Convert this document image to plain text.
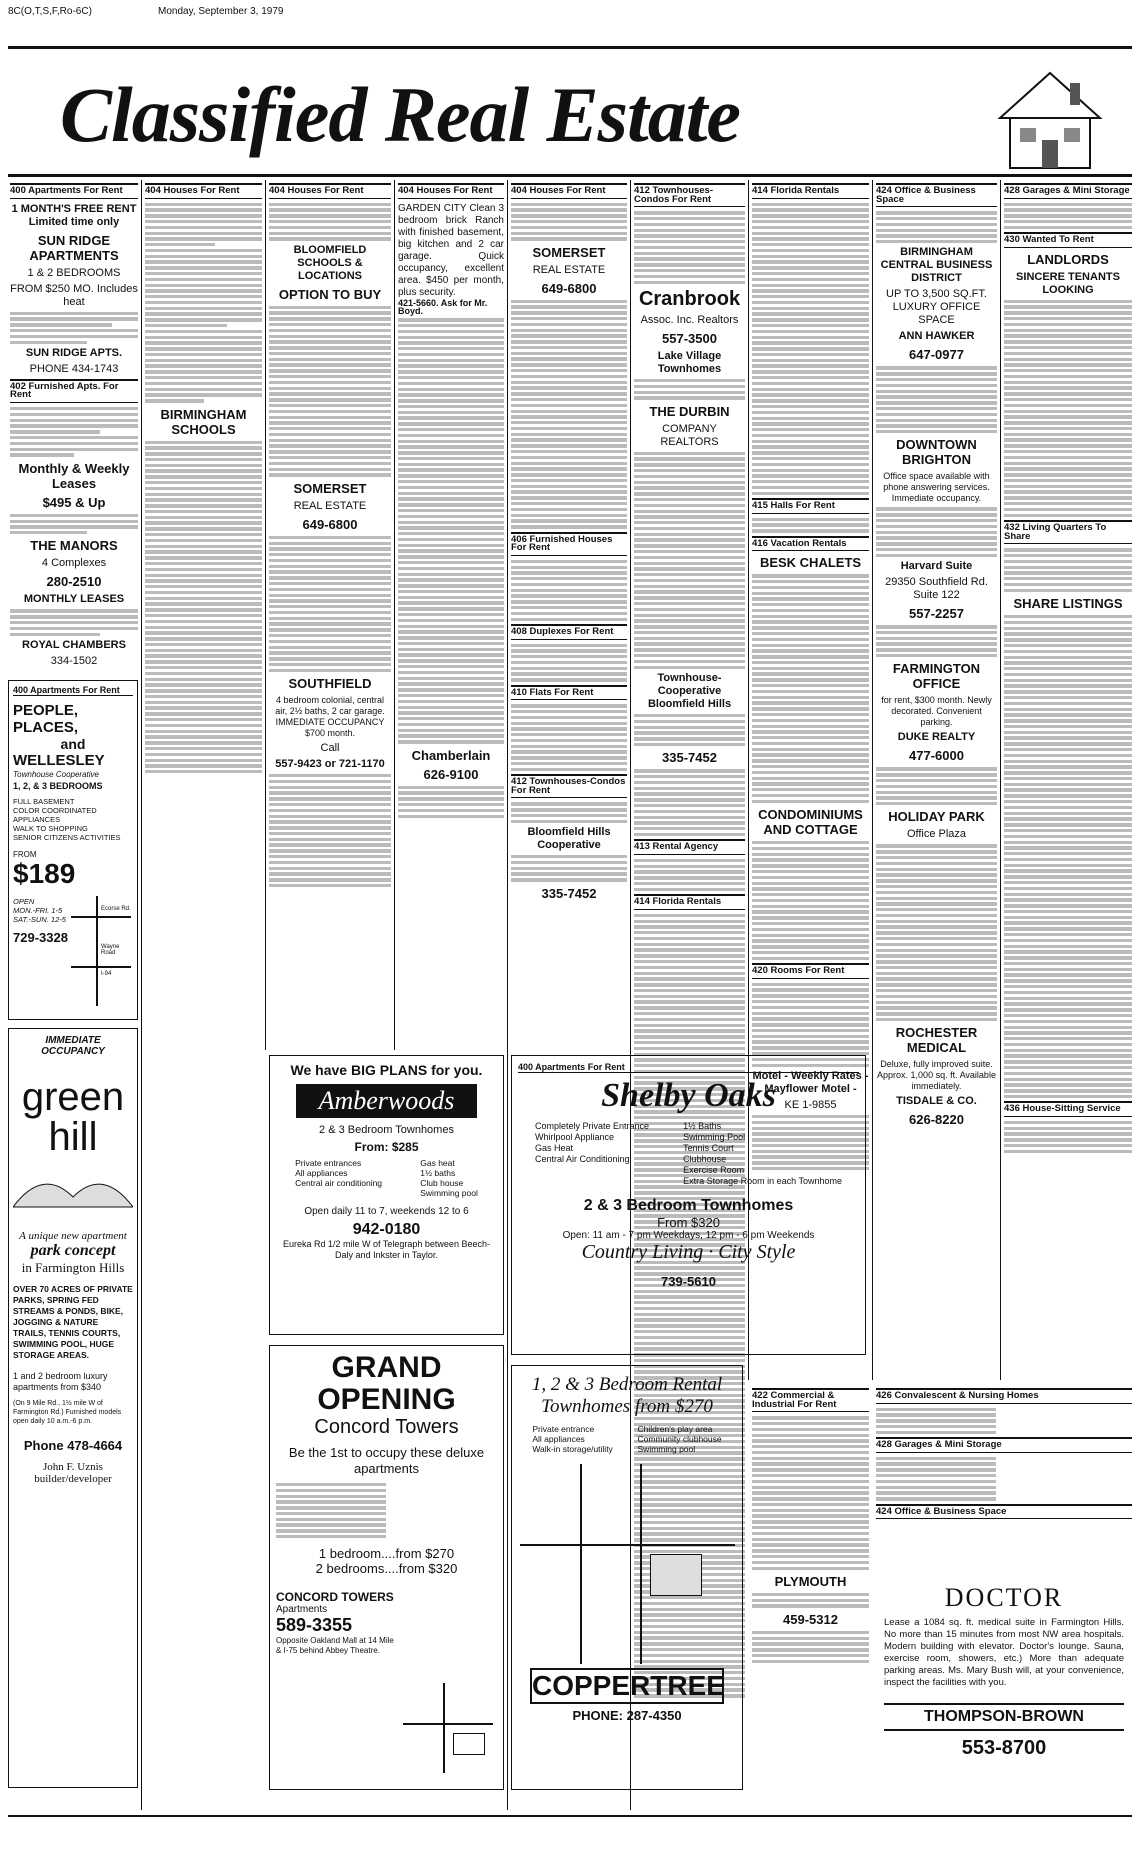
8C(O,T,S,F,Ro-6C)	Monday, September 3, 1979
Classified Real Estate
400 Apartments For Rent
1 MONTH'S FREE RENT Limited time only
SUN RIDGE APARTMENTS
1 & 2 BEDROOMS
FROM $250 MO. Includes heat
SUN RIDGE APTS.
PHONE 434-1743
402 Furnished Apts. For Rent
Monthly & Weekly Leases
$495 & Up
THE MANORS
4 Complexes
280-2510
MONTHLY LEASES
ROYAL CHAMBERS
334-1502
400 Apartments For Rent
PEOPLE, PLACES,
and
WELLESLEY
Townhouse Cooperative
1, 2, & 3 BEDROOMS
FULL BASEMENT
COLOR COORDINATED APPLIANCES
WALK TO SHOPPING
SENIOR CITIZENS ACTIVITIES
FROM
$189
OPEN
MON.-FRI. 1-5
SAT.-SUN. 12-5
729-3328
Ecorse Rd.
Wayne Road
I-94
IMMEDIATE OCCUPANCY
green
hill
A unique new apartment
park concept
in Farmington Hills
OVER 70 ACRES OF PRIVATE PARKS, SPRING FED STREAMS & PONDS, BIKE, JOGGING & NATURE TRAILS, TENNIS COURTS, SWIMMING POOL, HUGE STORAGE AREAS.
1 and 2 bedroom luxury apartments from $340
(On 9 Mile Rd., 1½ mile W of Farmington Rd.) Furnished models open daily 10 a.m.-6 p.m.
Phone 478-4664
John F. Uznis
builder/developer
404 Houses For Rent
BIRMINGHAM SCHOOLS
404 Houses For Rent
BLOOMFIELD SCHOOLS & LOCATIONS
OPTION TO BUY
SOMERSET
REAL ESTATE
649-6800
SOUTHFIELD
4 bedroom colonial, central air, 2½ baths, 2 car garage. IMMEDIATE OCCUPANCY $700 month.
Call
557-9423 or 721-1170
404 Houses For Rent
GARDEN CITY Clean 3 bedroom brick Ranch with finished basement, big kitchen and 2 car garage. Quick occupancy, excellent area. $450 per month, plus security.
421-5660. Ask for Mr. Boyd.
Chamberlain
626-9100
404 Houses For Rent
SOMERSET
REAL ESTATE
649-6800
406 Furnished Houses For Rent
408 Duplexes For Rent
410 Flats For Rent
412 Townhouses-Condos For Rent
Bloomfield Hills Cooperative
335-7452
412 Townhouses-Condos For Rent
Cranbrook
Assoc. Inc. Realtors
557-3500
Lake Village Townhomes
THE DURBIN
COMPANY REALTORS
Townhouse-Cooperative Bloomfield Hills
335-7452
413 Rental Agency
414 Florida Rentals
414 Florida Rentals
415 Halls For Rent
416 Vacation Rentals
BESK CHALETS
CONDOMINIUMS AND COTTAGE
420 Rooms For Rent
Motel - Weekly Rates - Mayflower Motel -
KE 1-9855
424 Office & Business Space
BIRMINGHAM CENTRAL BUSINESS DISTRICT
UP TO 3,500 SQ.FT. LUXURY OFFICE SPACE
ANN HAWKER
647-0977
DOWNTOWN BRIGHTON
Office space available with phone answering services. Immediate occupancy.
Harvard Suite
29350 Southfield Rd. Suite 122
557-2257
FARMINGTON OFFICE
for rent, $300 month. Newly decorated. Convenient parking.
DUKE REALTY
477-6000
HOLIDAY PARK
Office Plaza
ROCHESTER MEDICAL
Deluxe, fully improved suite. Approx. 1,000 sq. ft. Available immediately.
TISDALE & CO.
626-8220
428 Garages & Mini Storage
430 Wanted To Rent
LANDLORDS
SINCERE TENANTS LOOKING
432 Living Quarters To Share
SHARE LISTINGS
436 House-Sitting Service
We have BIG PLANS for you.
Amberwoods
2 & 3 Bedroom Townhomes
From: $285
Private entrances
All appliances
Central air conditioning
Gas heat
1½ baths
Club house
Swimming pool
Open daily 11 to 7, weekends 12 to 6
942-0180
Eureka Rd 1/2 mile W of Telegraph between Beech-Daly and Inkster in Taylor.
GRAND
OPENING
Concord Towers
Be the 1st to occupy these deluxe apartments
1 bedroom....from $270
2 bedrooms....from $320
CONCORD TOWERS
Apartments
589-3355
Opposite Oakland Mall at 14 Mile & I-75 behind Abbey Theatre.
400 Apartments For Rent
Shelby Oaks
Completely Private Entrance
Whirlpool Appliance
Gas Heat
Central Air Conditioning
1½ Baths
Swimming Pool
Tennis Court
Clubhouse
Exercise Room
Extra Storage Room in each Townhome
2 & 3 Bedroom Townhomes
From $320
Open: 11 am - 7 pm Weekdays, 12 pm - 6 pm Weekends
Country Living · City Style
739-5610
1, 2 & 3 Bedroom Rental Townhomes from $270
Private entrance
All appliances
Walk-in storage/utility
Children's play area
Community clubhouse
Swimming pool
COPPERTREE
PHONE: 287-4350
422 Commercial & Industrial For Rent
PLYMOUTH
459-5312
426 Convalescent & Nursing Homes
428 Garages & Mini Storage
424 Office & Business Space
DOCTOR
Lease a 1084 sq. ft. medical suite in Farmington Hills. No more than 15 minutes from most NW area hospitals. Modern building with elevator. Doctor's lounge. Sauna, exercise room, showers, etc.) More than adequate parking areas. Ms. Mary Bush will, at your convenience, inspect the facilities with you.
THOMPSON-BROWN
553-8700
